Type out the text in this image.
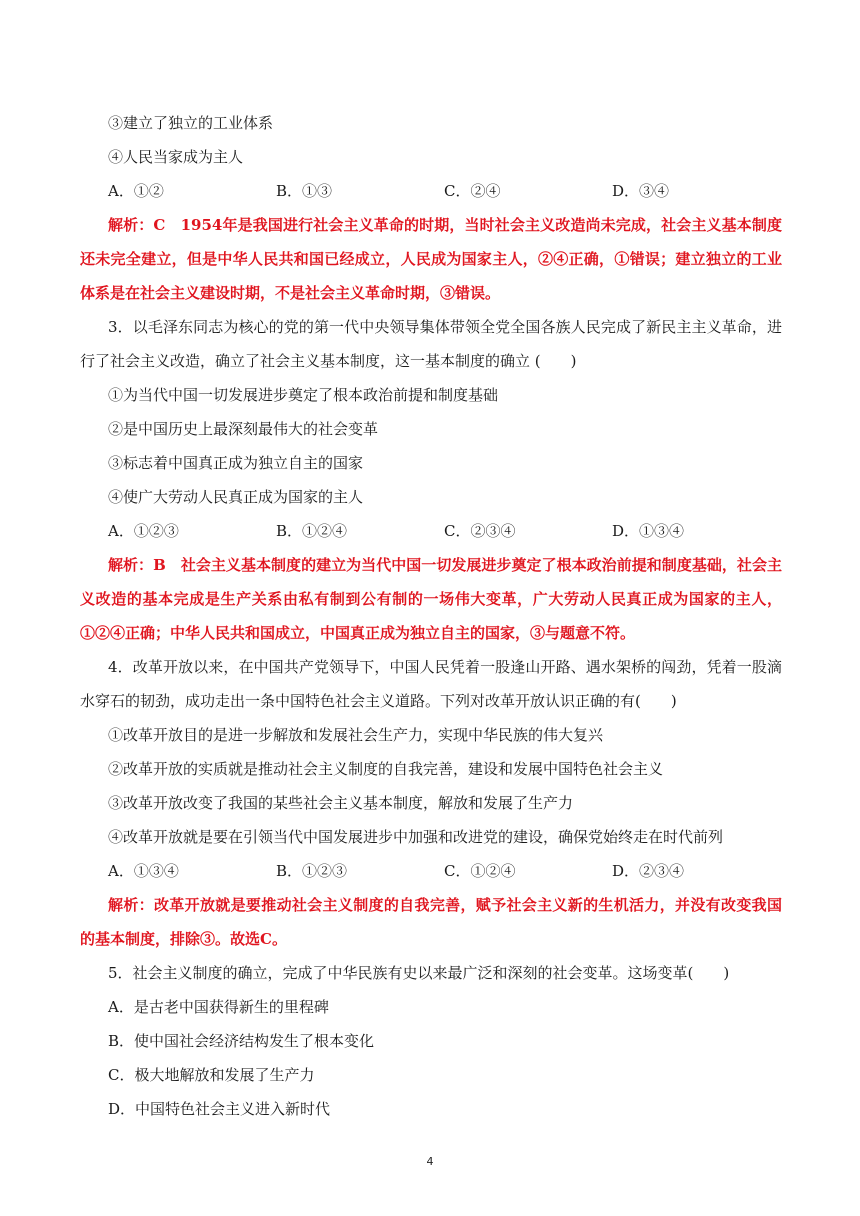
③建立了独立的工业体系
④人民当家成为主人
A．①②	B．①③	C．②④	D．③④
解析：C　1954年是我国进行社会主义革命的时期，当时社会主义改造尚未完成，社会主义基本制度还未完全建立，但是中华人民共和国已经成立，人民成为国家主人，②④正确，①错误；建立独立的工业体系是在社会主义建设时期，不是社会主义革命时期，③错误。
3．以毛泽东同志为核心的党的第一代中央领导集体带领全党全国各族人民完成了新民主主义革命，进行了社会主义改造，确立了社会主义基本制度，这一基本制度的确立 (　　)
①为当代中国一切发展进步奠定了根本政治前提和制度基础
②是中国历史上最深刻最伟大的社会变革
③标志着中国真正成为独立自主的国家
④使广大劳动人民真正成为国家的主人
A．①②③	B．①②④	C．②③④	D．①③④
解析：B　社会主义基本制度的建立为当代中国一切发展进步奠定了根本政治前提和制度基础，社会主义改造的基本完成是生产关系由私有制到公有制的一场伟大变革，广大劳动人民真正成为国家的主人，①②④正确；中华人民共和国成立，中国真正成为独立自主的国家，③与题意不符。
4．改革开放以来，在中国共产党领导下，中国人民凭着一股逢山开路、遇水架桥的闯劲，凭着一股滴水穿石的韧劲，成功走出一条中国特色社会主义道路。下列对改革开放认识正确的有(　　)
①改革开放目的是进一步解放和发展社会生产力，实现中华民族的伟大复兴
②改革开放的实质就是推动社会主义制度的自我完善，建设和发展中国特色社会主义
③改革开放改变了我国的某些社会主义基本制度，解放和发展了生产力
④改革开放就是要在引领当代中国发展进步中加强和改进党的建设，确保党始终走在时代前列
A．①③④	B．①②③	C．①②④	D．②③④
解析：改革开放就是要推动社会主义制度的自我完善，赋予社会主义新的生机活力，并没有改变我国的基本制度，排除③。故选C。
5．社会主义制度的确立，完成了中华民族有史以来最广泛和深刻的社会变革。这场变革(　　)
A．是古老中国获得新生的里程碑
B．使中国社会经济结构发生了根本变化
C．极大地解放和发展了生产力
D．中国特色社会主义进入新时代
4
